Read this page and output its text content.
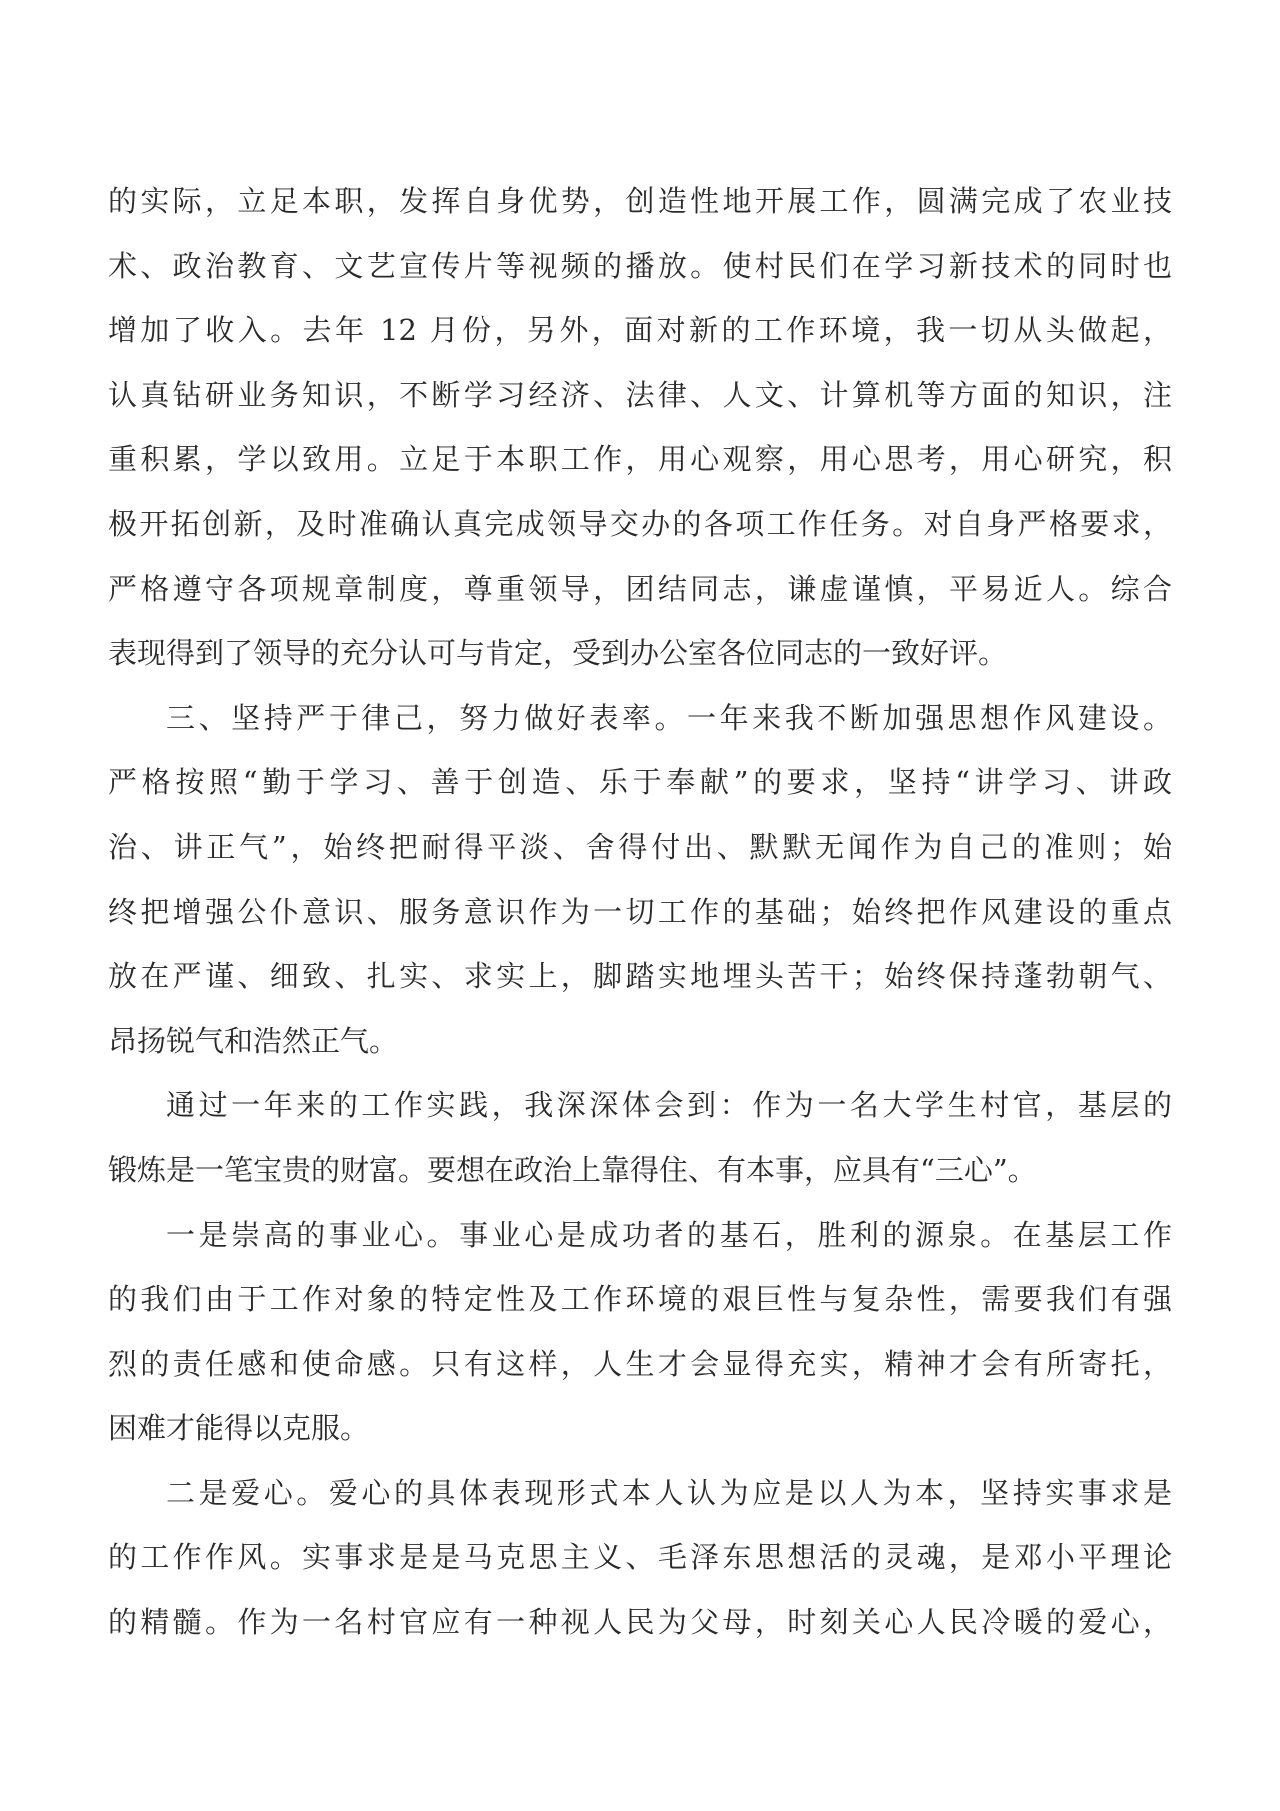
的实际，立足本职，发挥自身优势，创造性地开展工作，圆满完成了农业技
术、政治教育、文艺宣传片等视频的播放。使村民们在学习新技术的同时也
增加了收入。去年 12 月份，另外，面对新的工作环境，我一切从头做起，
认真钻研业务知识，不断学习经济、法律、人文、计算机等方面的知识，注
重积累，学以致用。立足于本职工作，用心观察，用心思考，用心研究，积
极开拓创新，及时准确认真完成领导交办的各项工作任务。对自身严格要求，
严格遵守各项规章制度，尊重领导，团结同志，谦虚谨慎，平易近人。综合
表现得到了领导的充分认可与肯定，受到办公室各位同志的一致好评。
三、坚持严于律己，努力做好表率。一年来我不断加强思想作风建设。
严格按照“勤于学习、善于创造、乐于奉献”的要求，坚持“讲学习、讲政
治、讲正气”，始终把耐得平淡、舍得付出、默默无闻作为自己的准则；始
终把增强公仆意识、服务意识作为一切工作的基础；始终把作风建设的重点
放在严谨、细致、扎实、求实上，脚踏实地埋头苦干；始终保持蓬勃朝气、
昂扬锐气和浩然正气。
通过一年来的工作实践，我深深体会到：作为一名大学生村官，基层的
锻炼是一笔宝贵的财富。要想在政治上靠得住、有本事，应具有“三心”。
一是崇高的事业心。事业心是成功者的基石，胜利的源泉。在基层工作
的我们由于工作对象的特定性及工作环境的艰巨性与复杂性，需要我们有强
烈的责任感和使命感。只有这样，人生才会显得充实，精神才会有所寄托，
困难才能得以克服。
二是爱心。爱心的具体表现形式本人认为应是以人为本，坚持实事求是
的工作作风。实事求是是马克思主义、毛泽东思想活的灵魂，是邓小平理论
的精髓。作为一名村官应有一种视人民为父母，时刻关心人民冷暖的爱心，
